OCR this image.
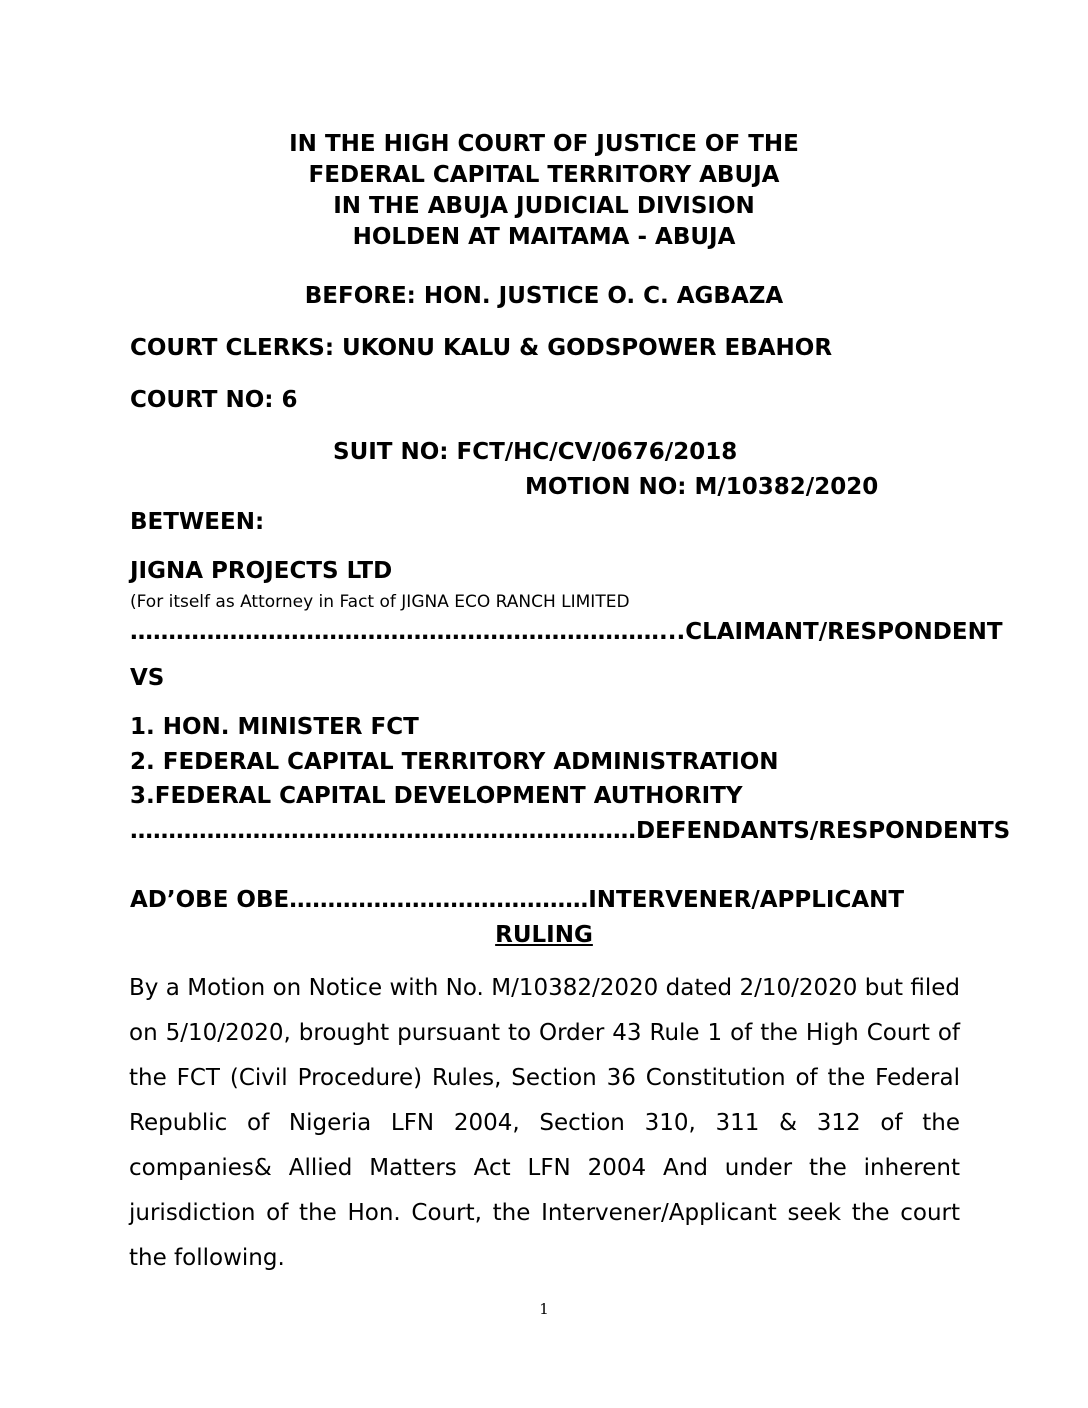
IN THE HIGH COURT OF JUSTICE OF THE
FEDERAL CAPITAL TERRITORY ABUJA
IN THE ABUJA JUDICIAL DIVISION
HOLDEN AT MAITAMA - ABUJA
BEFORE: HON. JUSTICE O. C. AGBAZA
COURT CLERKS: UKONU KALU & GODSPOWER EBAHOR
COURT NO: 6
SUIT NO: FCT/HC/CV/0676/2018
MOTION NO: M/10382/2020
BETWEEN:
JIGNA PROJECTS LTD
(For itself as Attorney in Fact of JIGNA ECO RANCH LIMITED
……………………………………………………………...CLAIMANT/RESPONDENT
VS
1. HON. MINISTER FCT
2. FEDERAL CAPITAL TERRITORY ADMINISTRATION
3.FEDERAL CAPITAL DEVELOPMENT AUTHORITY
…………………………………………………………DEFENDANTS/RESPONDENTS
AD’OBE OBE…………………………………INTERVENER/APPLICANT
RULING
By a Motion on Notice with No. M/10382/2020 dated 2/10/2020 but filed on 5/10/2020, brought pursuant to Order 43 Rule 1 of the High Court of the FCT (Civil Procedure) Rules, Section 36 Constitution of the Federal Republic of Nigeria LFN 2004, Section 310, 311 & 312 of the companies& Allied Matters Act LFN 2004 And under the inherent jurisdiction of the Hon. Court, the Intervener/Applicant seek the court the following.
1
